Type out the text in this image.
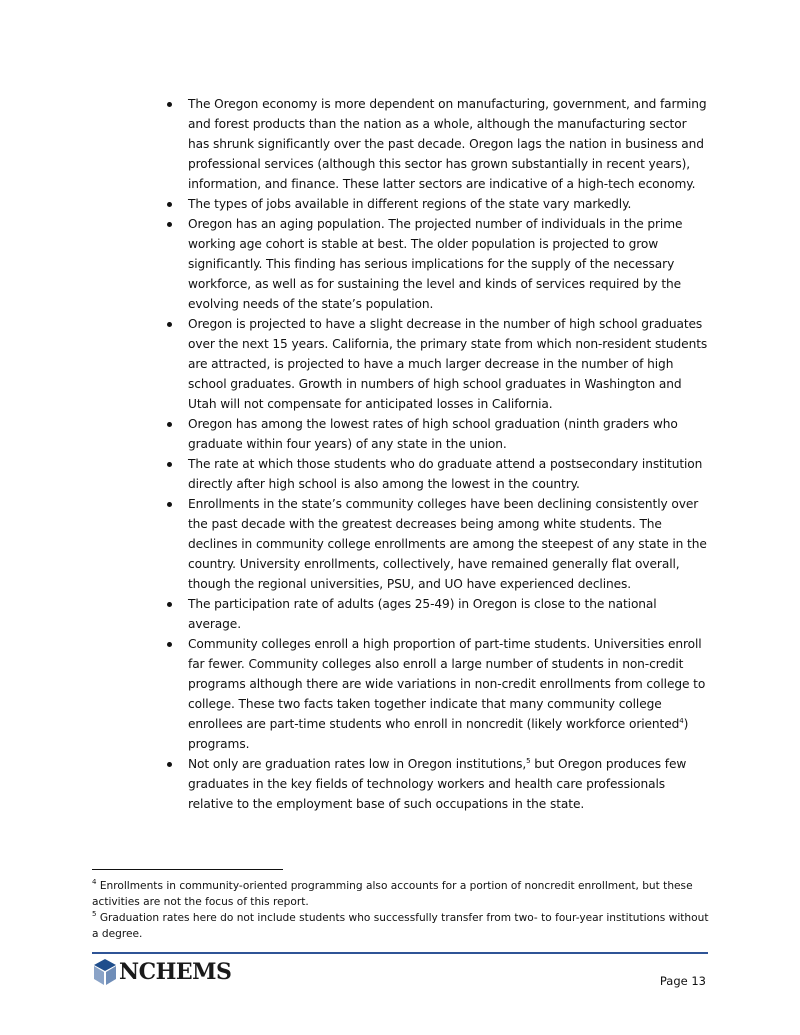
The Oregon economy is more dependent on manufacturing, government, and farming and forest products than the nation as a whole, although the manufacturing sector has shrunk significantly over the past decade. Oregon lags the nation in business and professional services (although this sector has grown substantially in recent years), information, and finance. These latter sectors are indicative of a high-tech economy.
The types of jobs available in different regions of the state vary markedly.
Oregon has an aging population. The projected number of individuals in the prime working age cohort is stable at best. The older population is projected to grow significantly. This finding has serious implications for the supply of the necessary workforce, as well as for sustaining the level and kinds of services required by the evolving needs of the state’s population.
Oregon is projected to have a slight decrease in the number of high school graduates over the next 15 years. California, the primary state from which non-resident students are attracted, is projected to have a much larger decrease in the number of high school graduates. Growth in numbers of high school graduates in Washington and Utah will not compensate for anticipated losses in California.
Oregon has among the lowest rates of high school graduation (ninth graders who graduate within four years) of any state in the union.
The rate at which those students who do graduate attend a postsecondary institution directly after high school is also among the lowest in the country.
Enrollments in the state’s community colleges have been declining consistently over the past decade with the greatest decreases being among white students. The declines in community college enrollments are among the steepest of any state in the country. University enrollments, collectively, have remained generally flat overall, though the regional universities, PSU, and UO have experienced declines.
The participation rate of adults (ages 25-49) in Oregon is close to the national average.
Community colleges enroll a high proportion of part-time students. Universities enroll far fewer. Community colleges also enroll a large number of students in non-credit programs although there are wide variations in non-credit enrollments from college to college. These two facts taken together indicate that many community college enrollees are part-time students who enroll in noncredit (likely workforce oriented$^4$) programs.
Not only are graduation rates low in Oregon institutions,$^5$ but Oregon produces few graduates in the key fields of technology workers and health care professionals relative to the employment base of such occupations in the state.

$^4$ Enrollments in community-oriented programming also accounts for a portion of noncredit enrollment, but these activities are not the focus of this report.

$^5$ Graduation rates here do not include students who successfully transfer from two- to four-year institutions without a degree.

NCHEMS	Page 13
